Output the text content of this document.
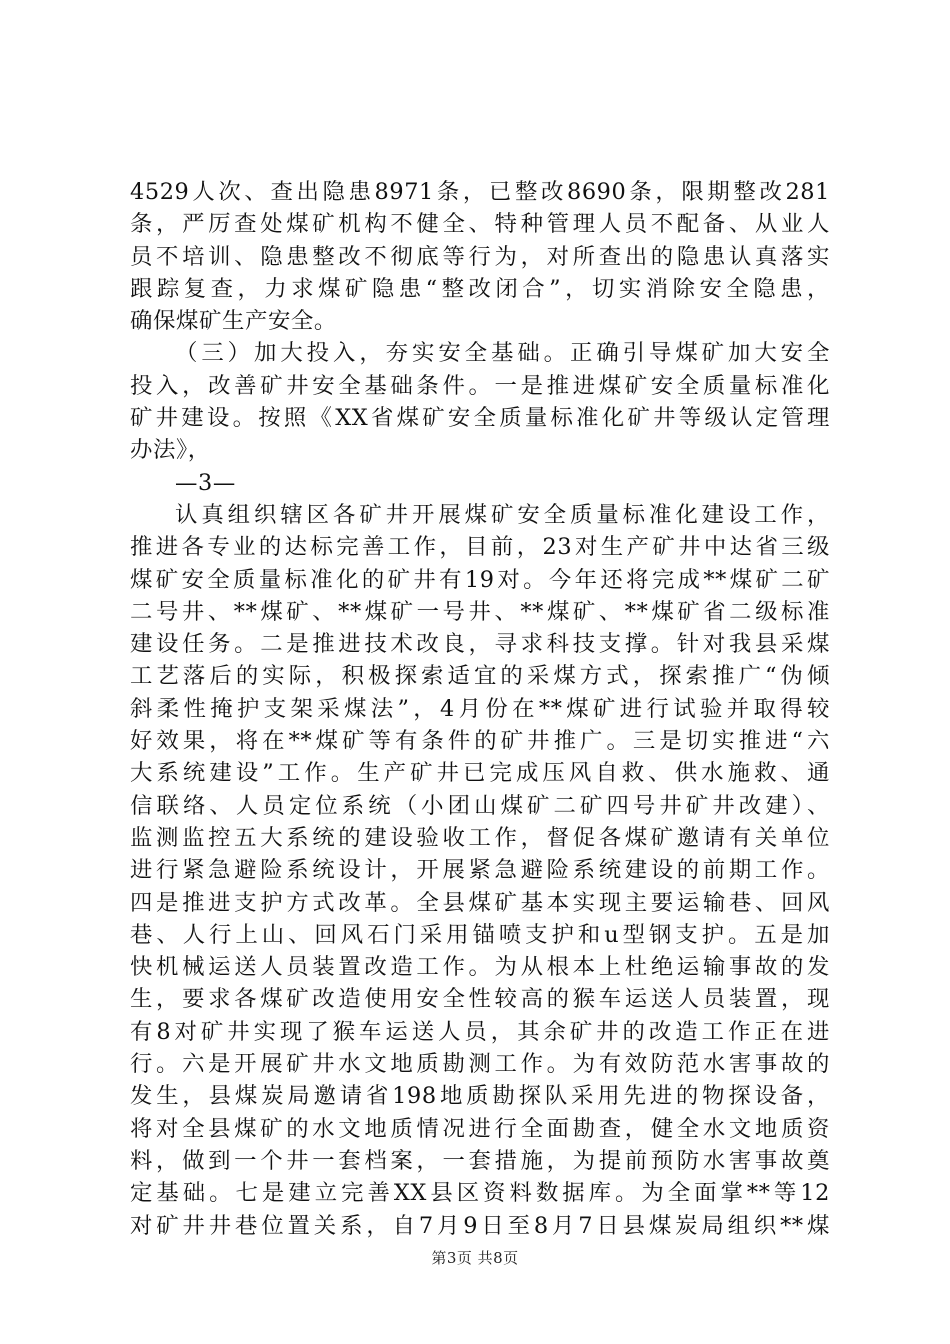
4529人次、查出隐患8971条，已整改8690条，限期整改281
条，严厉查处煤矿机构不健全、特种管理人员不配备、从业人
员不培训、隐患整改不彻底等行为，对所查出的隐患认真落实
跟踪复查，力求煤矿隐患“整改闭合”，切实消除安全隐患，
确保煤矿生产安全。
（三）加大投入，夯实安全基础。正确引导煤矿加大安全
投入，改善矿井安全基础条件。一是推进煤矿安全质量标准化
矿井建设。按照《XX省煤矿安全质量标准化矿井等级认定管理
办法》，
—3—
认真组织辖区各矿井开展煤矿安全质量标准化建设工作，
推进各专业的达标完善工作，目前，23对生产矿井中达省三级
煤矿安全质量标准化的矿井有19对。今年还将完成**煤矿二矿
二号井、**煤矿、**煤矿一号井、**煤矿、**煤矿省二级标准
建设任务。二是推进技术改良，寻求科技支撑。针对我县采煤
工艺落后的实际，积极探索适宜的采煤方式，探索推广“伪倾
斜柔性掩护支架采煤法”，4月份在**煤矿进行试验并取得较
好效果，将在**煤矿等有条件的矿井推广。三是切实推进“六
大系统建设”工作。生产矿井已完成压风自救、供水施救、通
信联络、人员定位系统（小团山煤矿二矿四号井矿井改建）、
监测监控五大系统的建设验收工作，督促各煤矿邀请有关单位
进行紧急避险系统设计，开展紧急避险系统建设的前期工作。
四是推进支护方式改革。全县煤矿基本实现主要运输巷、回风
巷、人行上山、回风石门采用锚喷支护和u型钢支护。五是加
快机械运送人员装置改造工作。为从根本上杜绝运输事故的发
生，要求各煤矿改造使用安全性较高的猴车运送人员装置，现
有8对矿井实现了猴车运送人员，其余矿井的改造工作正在进
行。六是开展矿井水文地质勘测工作。为有效防范水害事故的
发生，县煤炭局邀请省198地质勘探队采用先进的物探设备，
将对全县煤矿的水文地质情况进行全面勘查，健全水文地质资
料，做到一个井一套档案，一套措施，为提前预防水害事故奠
定基础。七是建立完善XX县区资料数据库。为全面掌**等12
对矿井井巷位置关系，自7月9日至8月7日县煤炭局组织**煤
第3页 共8页
